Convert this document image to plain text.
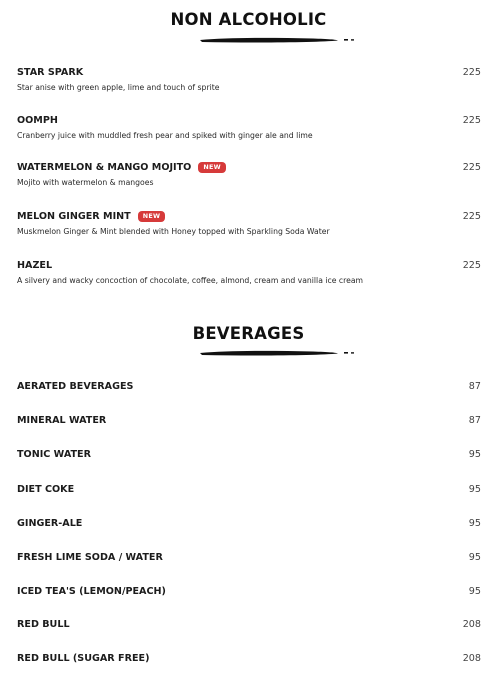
NON ALCOHOLIC
STAR SPARK	225
Star anise with green apple, lime and touch of sprite
OOMPH	225
Cranberry juice with muddled fresh pear and spiked with ginger ale and lime
WATERMELON & MANGO MOJITO	NEW	225
Mojito with watermelon & mangoes
MELON GINGER MINT	NEW	225
Muskmelon Ginger & Mint blended with Honey topped with Sparkling Soda Water
HAZEL	225
A silvery and wacky concoction of chocolate, coffee, almond, cream and vanilla ice cream
BEVERAGES
AERATED BEVERAGES	87
MINERAL WATER	87
TONIC WATER	95
DIET COKE	95
GINGER-ALE	95
FRESH LIME SODA / WATER	95
ICED TEA'S (LEMON/PEACH)	95
RED BULL	208
RED BULL (SUGAR FREE)	208
